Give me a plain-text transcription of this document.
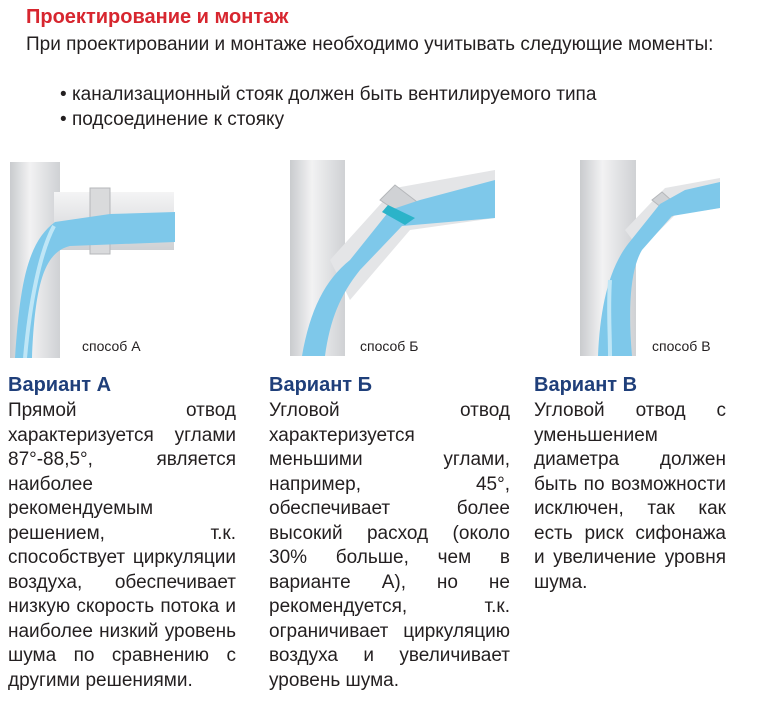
Проектирование и монтаж

При проектировании и монтаже необходимо учитывать следующие моменты:

• канализационный стояк должен быть вентилируемого типа
• подсоединение к стояку
способ А	способ Б	способ В
Вариант А

Прямой отвод характеризуется углами 87°-88,5°, является наиболее рекомендуемым решением, т.к. способствует циркуляции воздуха, обеспечивает низкую скорость потока и наиболее низкий уровень шума по сравнению с другими решениями.

Вариант Б

Угловой отвод характеризуется меньшими углами, например, 45°, обеспечивает более высокий расход (около 30% больше, чем в варианте А), но не рекомендуется, т.к. ограничивает циркуляцию воздуха и увеличивает уровень шума.

Вариант В

Угловой отвод с уменьшением диаметра должен быть по возможности исключен, так как есть риск сифонажа и увеличение уровня шума.
